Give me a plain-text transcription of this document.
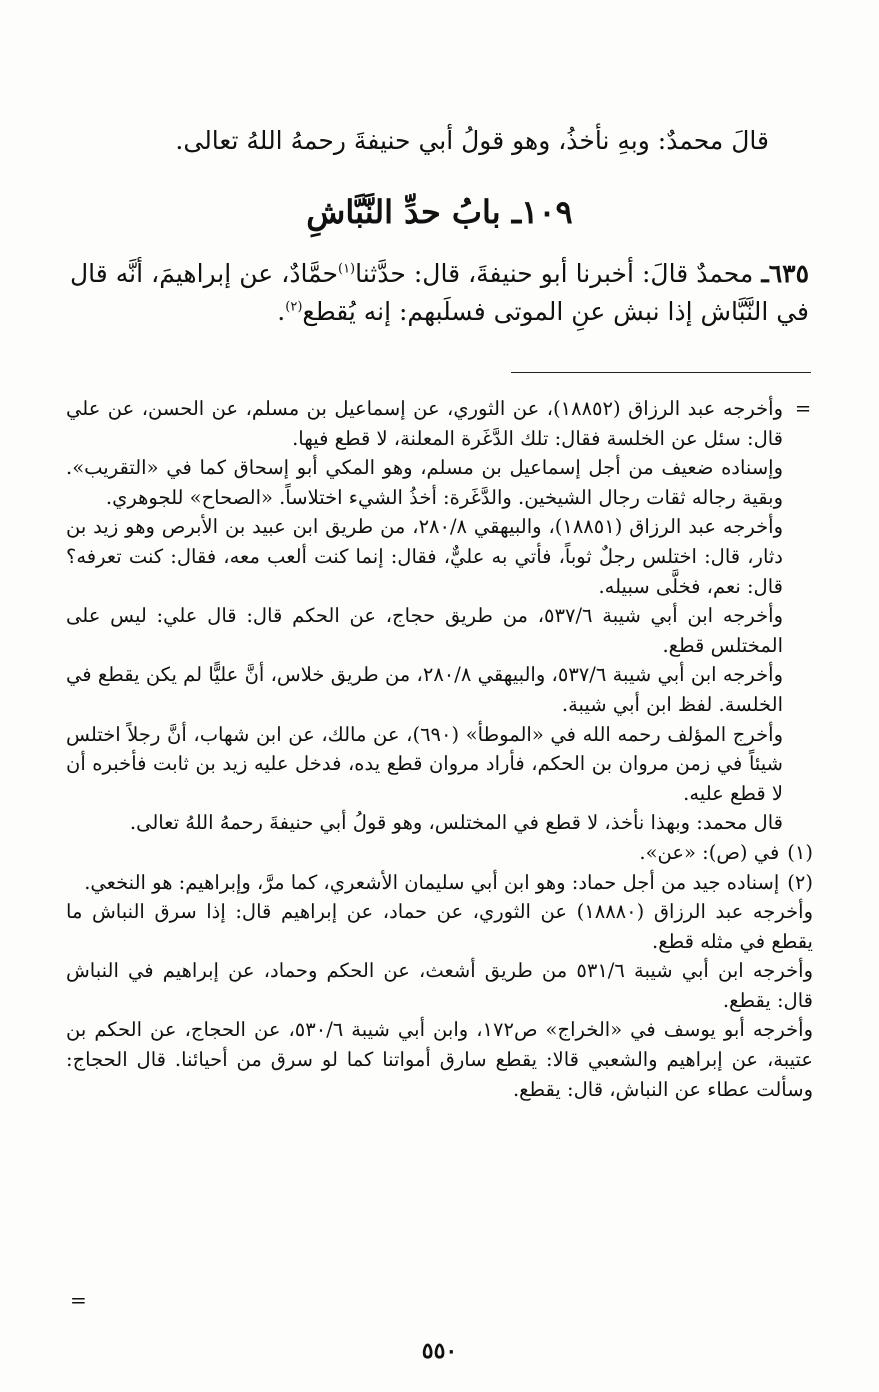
قالَ محمدٌ: وبهِ نأخذُ، وهو قولُ أبي حنيفةَ رحمهُ اللهُ تعالى.

١٠٩ـ بابُ حدِّ النَّبَّاشِ

٦٣٥ـ محمدٌ قالَ: أخبرنا أبو حنيفةَ، قال: حدَّثنا$^{(١)}$حمَّادٌ، عن إبراهيمَ، أنَّه قال في النَّبَّاش إذا نبش عنِ الموتى فسلَبهم: إنه يُقطع$^{(٢)}$.

=

وأخرجه عبد الرزاق (١٨٨٥٢)، عن الثوري، عن إسماعيل بن مسلم، عن الحسن، عن علي قال: سئل عن الخلسة فقال: تلك الدَّغَرة المعلنة، لا قطع فيها.

وإسناده ضعيف من أجل إسماعيل بن مسلم، وهو المكي أبو إسحاق كما في «التقريب». وبقية رجاله ثقات رجال الشيخين. والدَّغَرة: أخذُ الشيء اختلاساً. «الصحاح» للجوهري.

وأخرجه عبد الرزاق (١٨٨٥١)، والبيهقي ٢٨٠/٨، من طريق ابن عبيد بن الأبرص وهو زيد بن دثار، قال: اختلس رجلٌ ثوباً، فأتي به عليٌّ، فقال: إنما كنت ألعب معه، فقال: كنت تعرفه؟ قال: نعم، فخلَّى سبيله.

وأخرجه ابن أبي شيبة ٥٣٧/٦، من طريق حجاج، عن الحكم قال: قال علي: ليس على المختلس قطع.

وأخرجه ابن أبي شيبة ٥٣٧/٦، والبيهقي ٢٨٠/٨، من طريق خلاس، أنَّ عليًّا لم يكن يقطع في الخلسة. لفظ ابن أبي شيبة.

وأخرج المؤلف رحمه الله في «الموطأ» (٦٩٠)، عن مالك، عن ابن شهاب، أنَّ رجلاً اختلس شيئاً في زمن مروان بن الحكم، فأراد مروان قطع يده، فدخل عليه زيد بن ثابت فأخبره أن لا قطع عليه.

قال محمد: وبهذا نأخذ، لا قطع في المختلس، وهو قولُ أبي حنيفةَ رحمهُ اللهُ تعالى.

(١)
في (ص): «عن».
(٢)

إسناده جيد من أجل حماد: وهو ابن أبي سليمان الأشعري، كما مرَّ، وإبراهيم: هو النخعي.

وأخرجه عبد الرزاق (١٨٨٨٠) عن الثوري، عن حماد، عن إبراهيم قال: إذا سرق النباش ما يقطع في مثله قطع.

وأخرجه ابن أبي شيبة ٥٣١/٦ من طريق أشعث، عن الحكم وحماد، عن إبراهيم في النباش قال: يقطع.

وأخرجه أبو يوسف في «الخراج» ص١٧٢، وابن أبي شيبة ٥٣٠/٦، عن الحجاج، عن الحكم بن عتيبة، عن إبراهيم والشعبي قالا: يقطع سارق أمواتنا كما لو سرق من أحيائنا. قال الحجاج: وسألت عطاء عن النباش، قال: يقطع.

=
٥٥٠
